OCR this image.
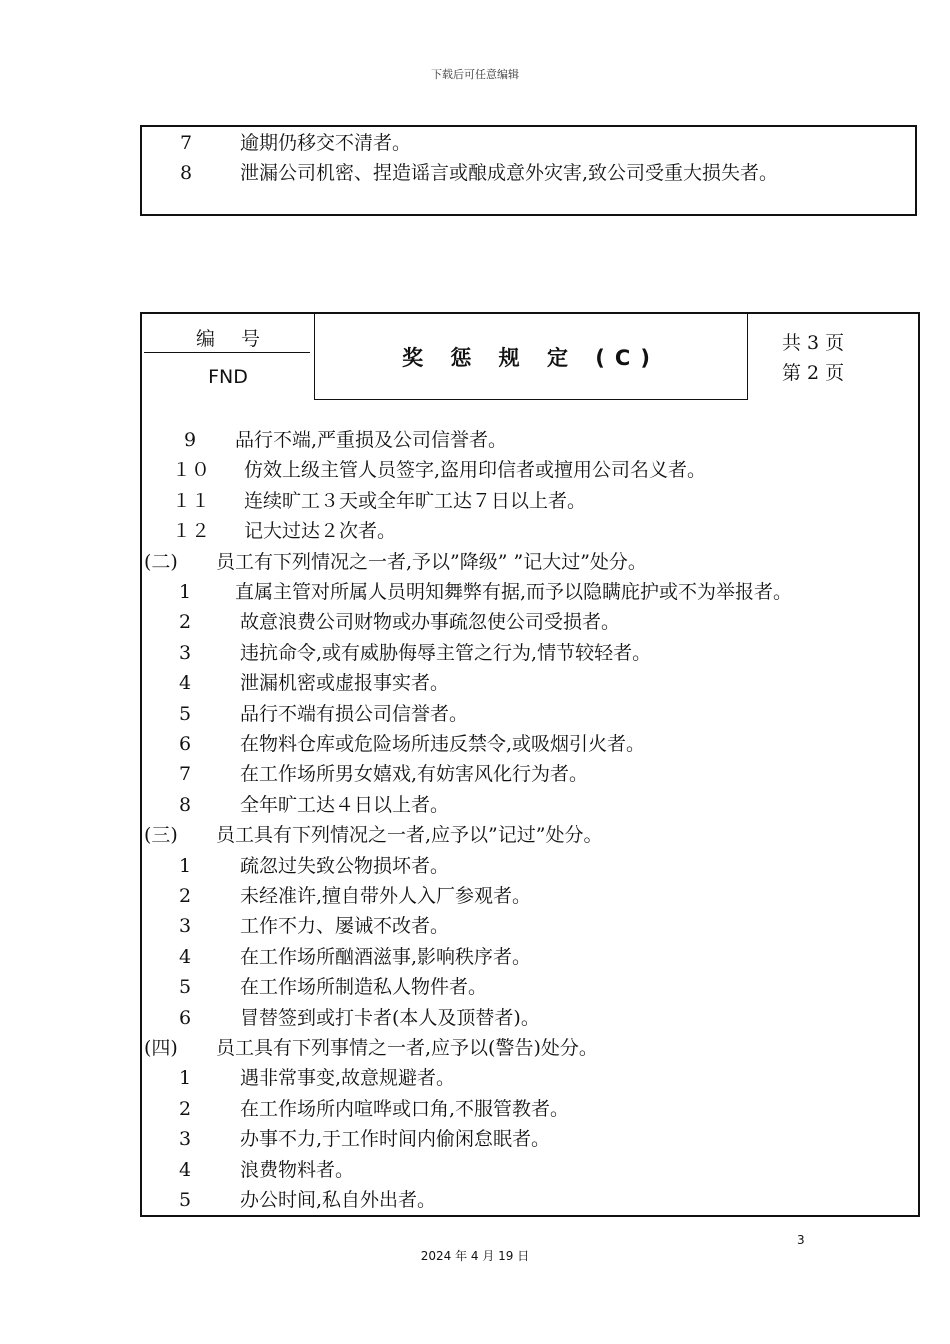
下载后可任意编辑
7	逾期仍移交不清者。
8	泄漏公司机密、捏造谣言或酿成意外灾害,致公司受重大损失者。
编号
FND
奖 惩 规 定 (C)
共 3 页
第 2 页
9 品行不端,严重损及公司信誉者。
１０ 仿效上级主管人员签字,盗用印信者或擅用公司名义者。
１１ 连续旷工３天或全年旷工达７日以上者。
１２ 记大过达２次者。
(二) 员工有下列情况之一者,予以”降级” ”记大过”处分。
1 直属主管对所属人员明知舞弊有据,而予以隐瞒庇护或不为举报者。
2	故意浪费公司财物或办事疏忽使公司受损者。
3	违抗命令,或有威胁侮辱主管之行为,情节较轻者。
4	泄漏机密或虚报事实者。
5	品行不端有损公司信誉者。
6	在物料仓库或危险场所违反禁令,或吸烟引火者。
7	在工作场所男女嬉戏,有妨害风化行为者。
8	全年旷工达４日以上者。
(三) 员工具有下列情况之一者,应予以”记过”处分。
1	疏忽过失致公物损坏者。
2	未经准许,擅自带外人入厂参观者。
3	工作不力、屡诫不改者。
4	在工作场所酗酒滋事,影响秩序者。
5	在工作场所制造私人物件者。
6	冒替签到或打卡者(本人及顶替者)。
(四) 员工具有下列事情之一者,应予以(警告)处分。
1	遇非常事变,故意规避者。
2	在工作场所内喧哗或口角,不服管教者。
3	办事不力,于工作时间内偷闲怠眠者。
4	浪费物料者。
5	办公时间,私自外出者。
3
2024 年 4 月 19 日
